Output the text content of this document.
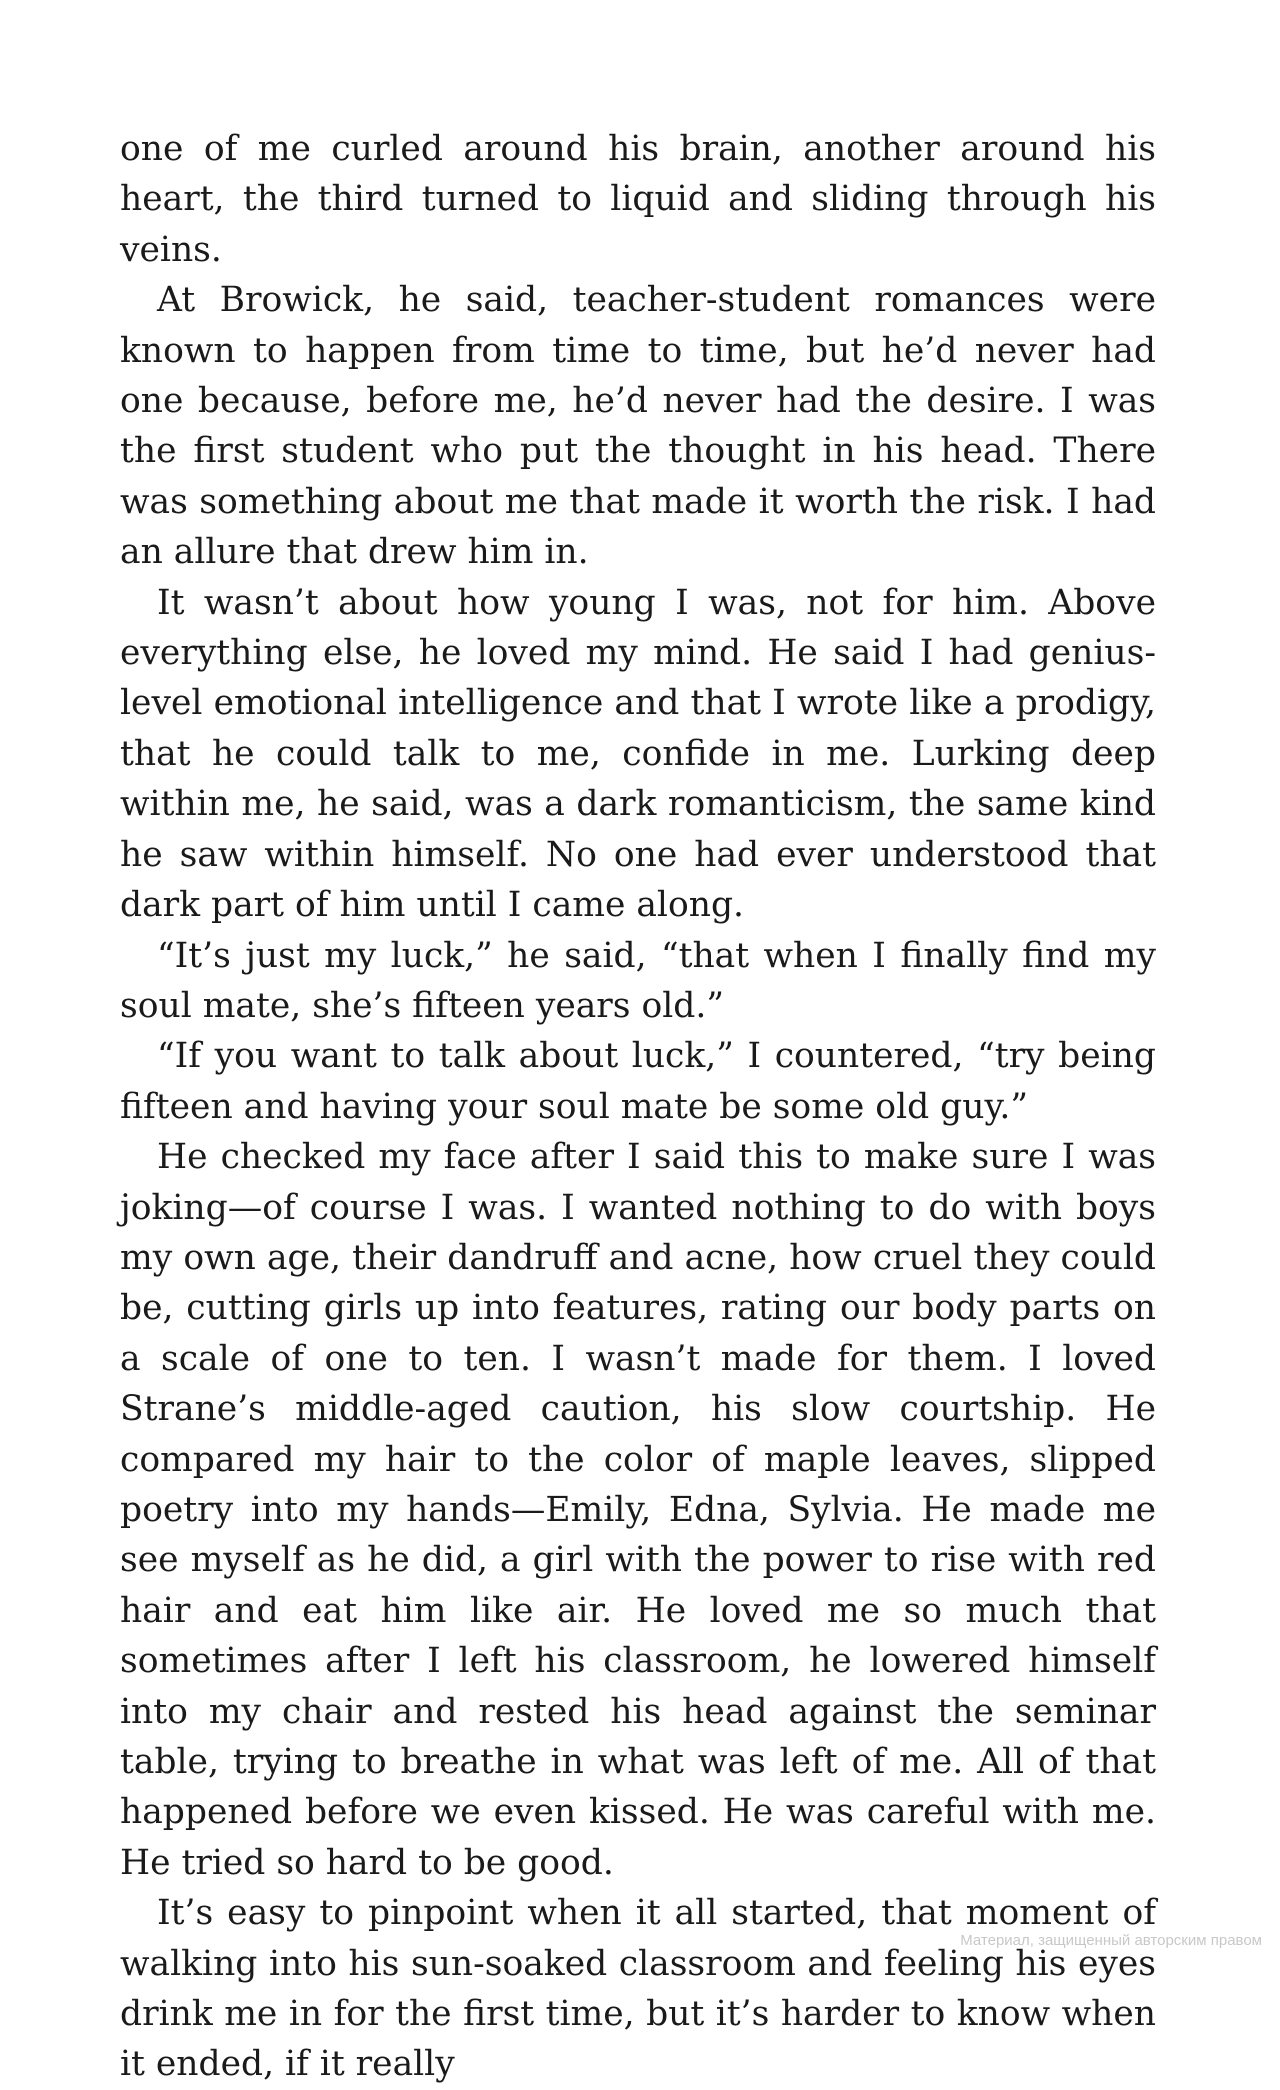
one of me curled around his brain, another around his heart, the third turned to liquid and sliding through his veins.

At Browick, he said, teacher-student romances were known to happen from time to time, but he’d never had one because, before me, he’d never had the desire. I was the first student who put the thought in his head. There was something about me that made it worth the risk. I had an allure that drew him in.

It wasn’t about how young I was, not for him. Above everything else, he loved my mind. He said I had genius-level emotional intelligence and that I wrote like a prodigy, that he could talk to me, confide in me. Lurking deep within me, he said, was a dark romanticism, the same kind he saw within himself. No one had ever understood that dark part of him until I came along.

“It’s just my luck,” he said, “that when I finally find my soul mate, she’s fifteen years old.”

“If you want to talk about luck,” I countered, “try being fifteen and having your soul mate be some old guy.”

He checked my face after I said this to make sure I was joking—of course I was. I wanted nothing to do with boys my own age, their dandruff and acne, how cruel they could be, cutting girls up into features, rating our body parts on a scale of one to ten. I wasn’t made for them. I loved Strane’s middle-aged caution, his slow courtship. He compared my hair to the color of maple leaves, slipped poetry into my hands—Emily, Edna, Sylvia. He made me see myself as he did, a girl with the power to rise with red hair and eat him like air. He loved me so much that sometimes after I left his classroom, he lowered himself into my chair and rested his head against the seminar table, trying to breathe in what was left of me. All of that happened before we even kissed. He was careful with me. He tried so hard to be good.

It’s easy to pinpoint when it all started, that moment of walking into his sun-soaked classroom and feeling his eyes drink me in for the first time, but it’s harder to know when it ended, if it really

Материал, защищенный авторским правом
